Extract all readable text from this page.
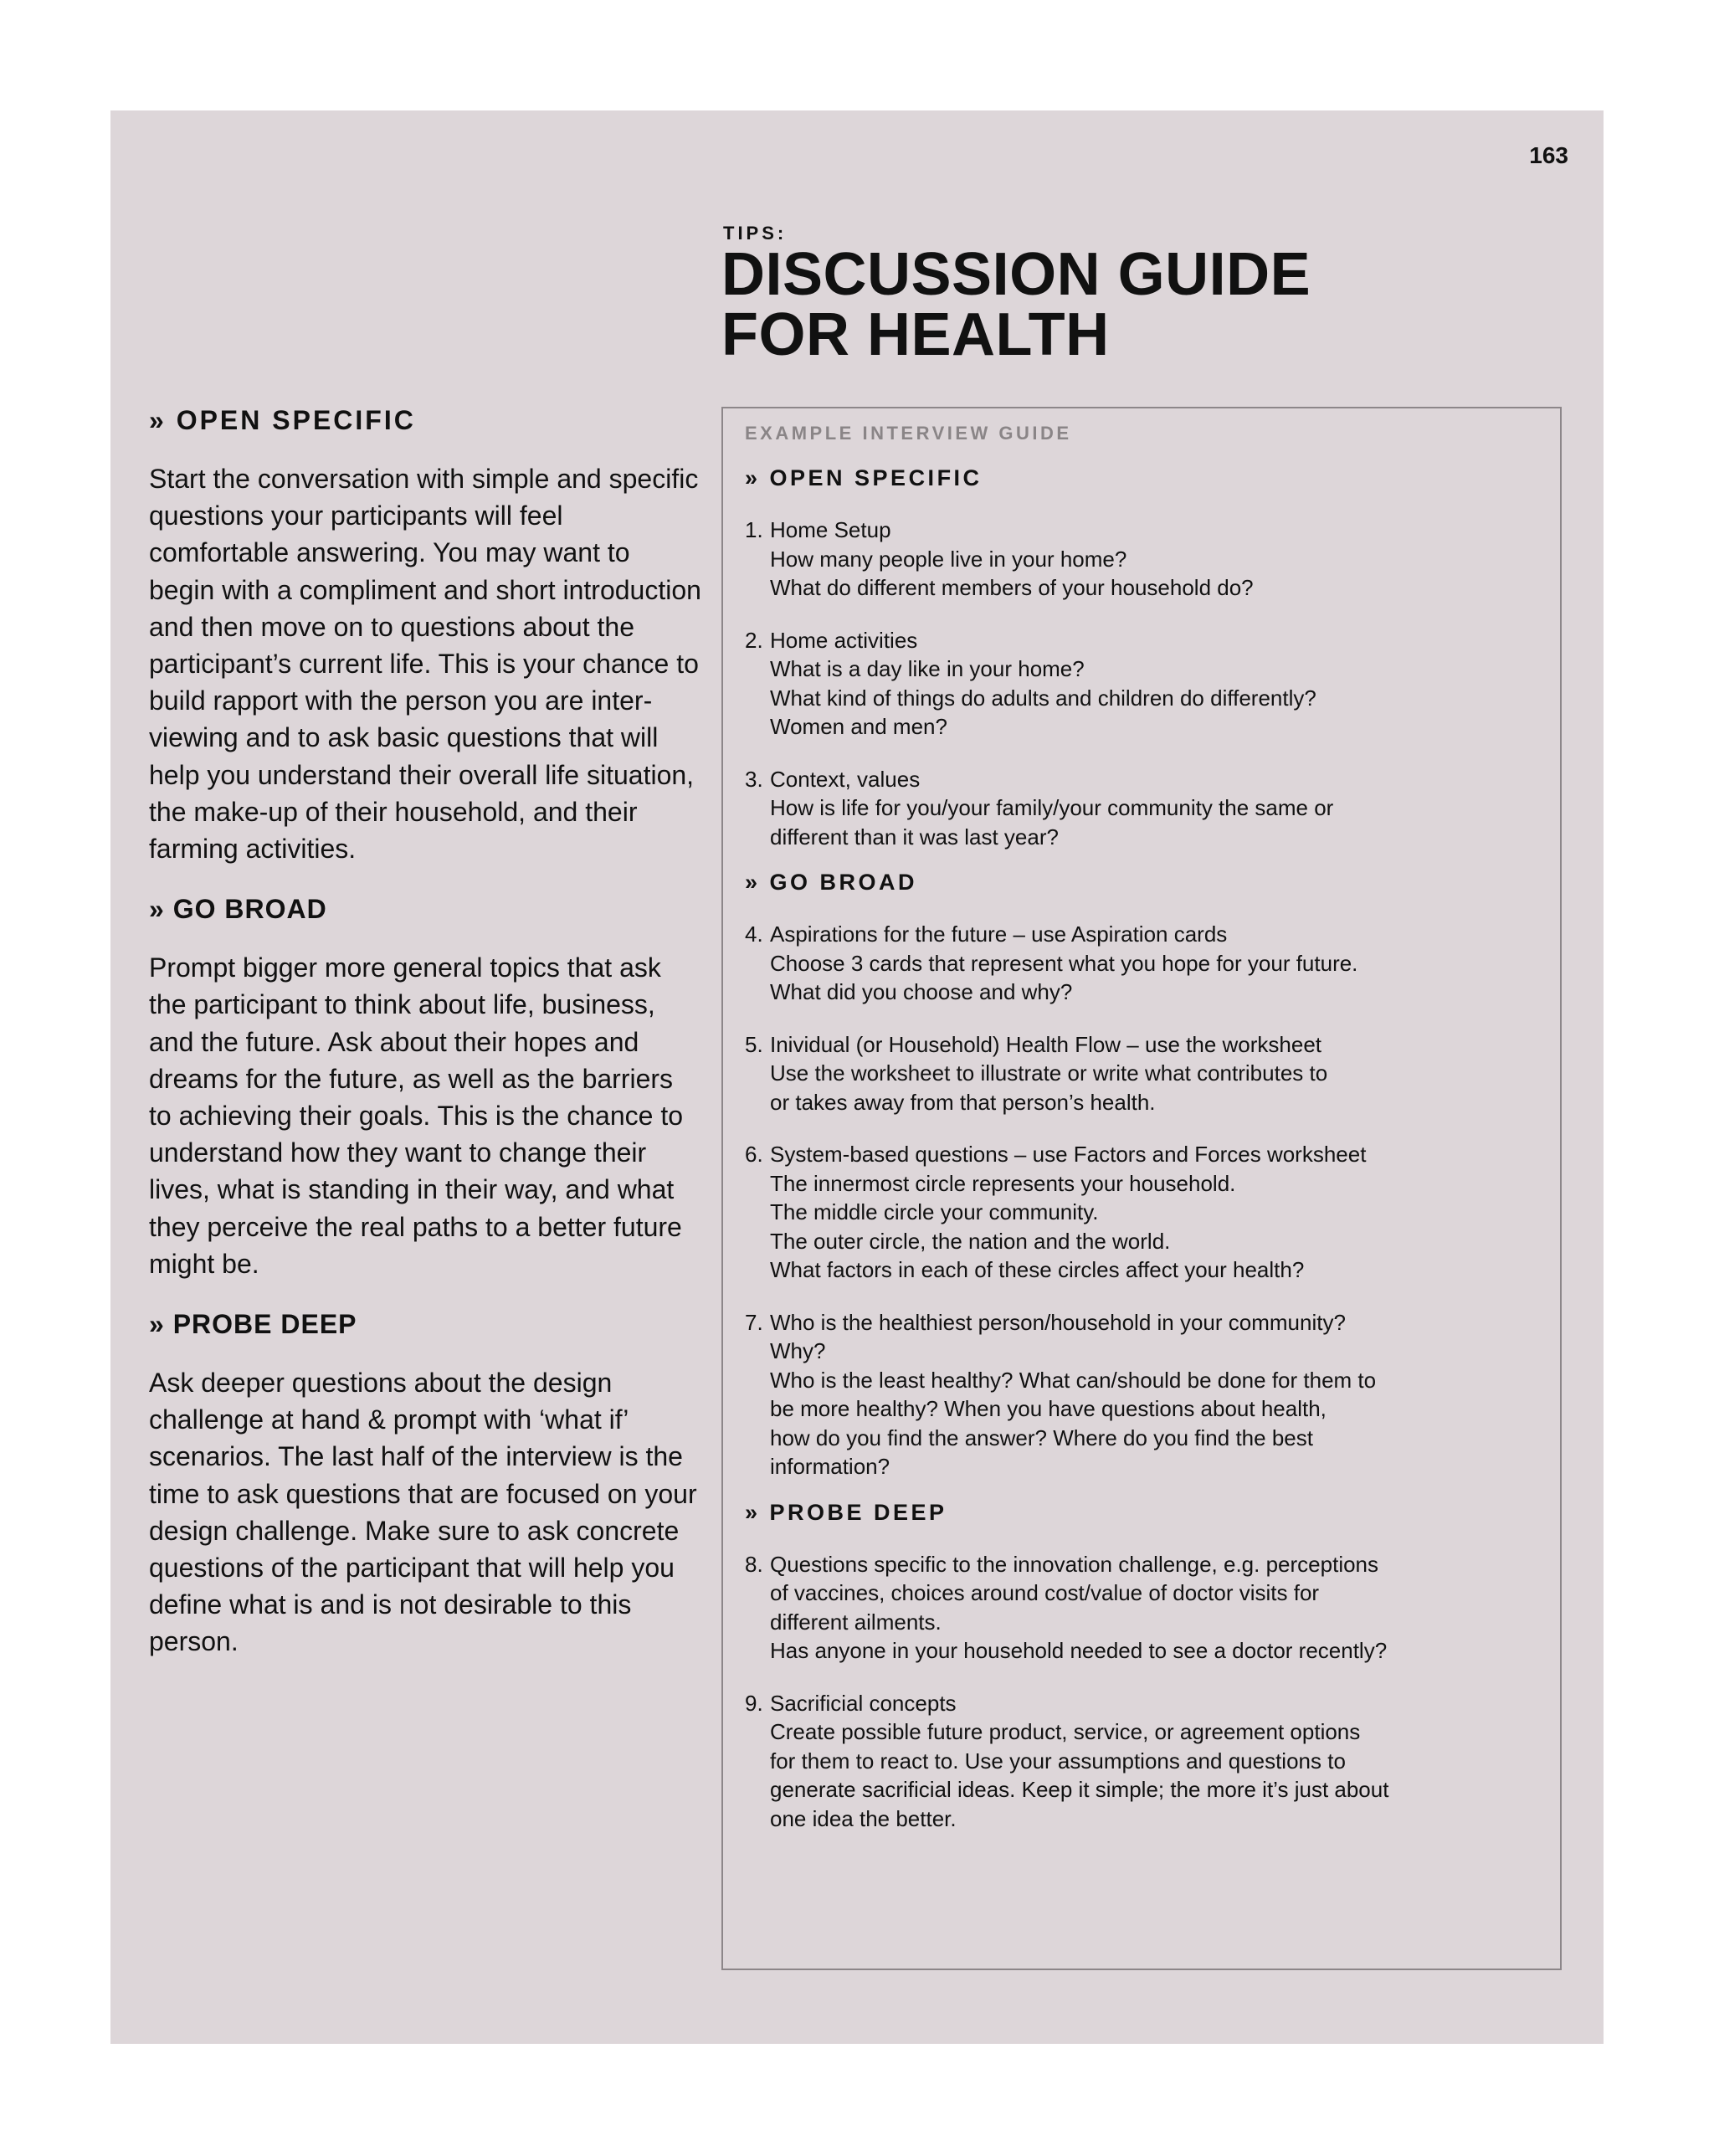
163

TIPS:

DISCUSSION GUIDE
FOR HEALTH
» OPEN SPECIFIC

Start the conversation with simple and specific questions your participants will feel comfortable answering. You may want to begin with a compliment and short introduction and then move on to questions about the participant’s current life. This is your chance to build rapport with the person you are inter-viewing and to ask basic questions that will help you understand their overall life situation, the make-up of their household, and their farming activities.

» GO BROAD

Prompt bigger more general topics that ask the participant to think about life, business, and the future. Ask about their hopes and dreams for the future, as well as the barriers to achieving their goals. This is the chance to understand how they want to change their lives, what is standing in their way, and what they perceive the real paths to a better future might be.

» PROBE DEEP

Ask deeper questions about the design challenge at hand & prompt with ‘what if’ scenarios. The last half of the interview is the time to ask questions that are focused on your design challenge. Make sure to ask concrete questions of the participant that will help you define what is and is not desirable to this person.

EXAMPLE INTERVIEW GUIDE

» OPEN SPECIFIC
1. Home Setup
How many people live in your home?
What do different members of your household do?
2. Home activities
What is a day like in your home?
What kind of things do adults and children do differently?
Women and men?
3. Context, values
How is life for you/your family/your community the same or
different than it was last year?
» GO BROAD
4. Aspirations for the future – use Aspiration cards
Choose 3 cards that represent what you hope for your future.
What did you choose and why?
5. Inividual (or Household) Health Flow – use the worksheet
Use the worksheet to illustrate or write what contributes to
or takes away from that person’s health.
6. System-based questions – use Factors and Forces worksheet
The innermost circle represents your household.
The middle circle your community.
The outer circle, the nation and the world.
What factors in each of these circles affect your health?
7. Who is the healthiest person/household in your community?
Why?
Who is the least healthy? What can/should be done for them to
be more healthy? When you have questions about health,
how do you find the answer? Where do you find the best
information?
» PROBE DEEP
8. Questions specific to the innovation challenge, e.g. perceptions
of vaccines, choices around cost/value of doctor visits for
different ailments.
Has anyone in your household needed to see a doctor recently?
9. Sacrificial concepts
Create possible future product, service, or agreement options
for them to react to. Use your assumptions and questions to
generate sacrificial ideas. Keep it simple; the more it’s just about
one idea the better.
